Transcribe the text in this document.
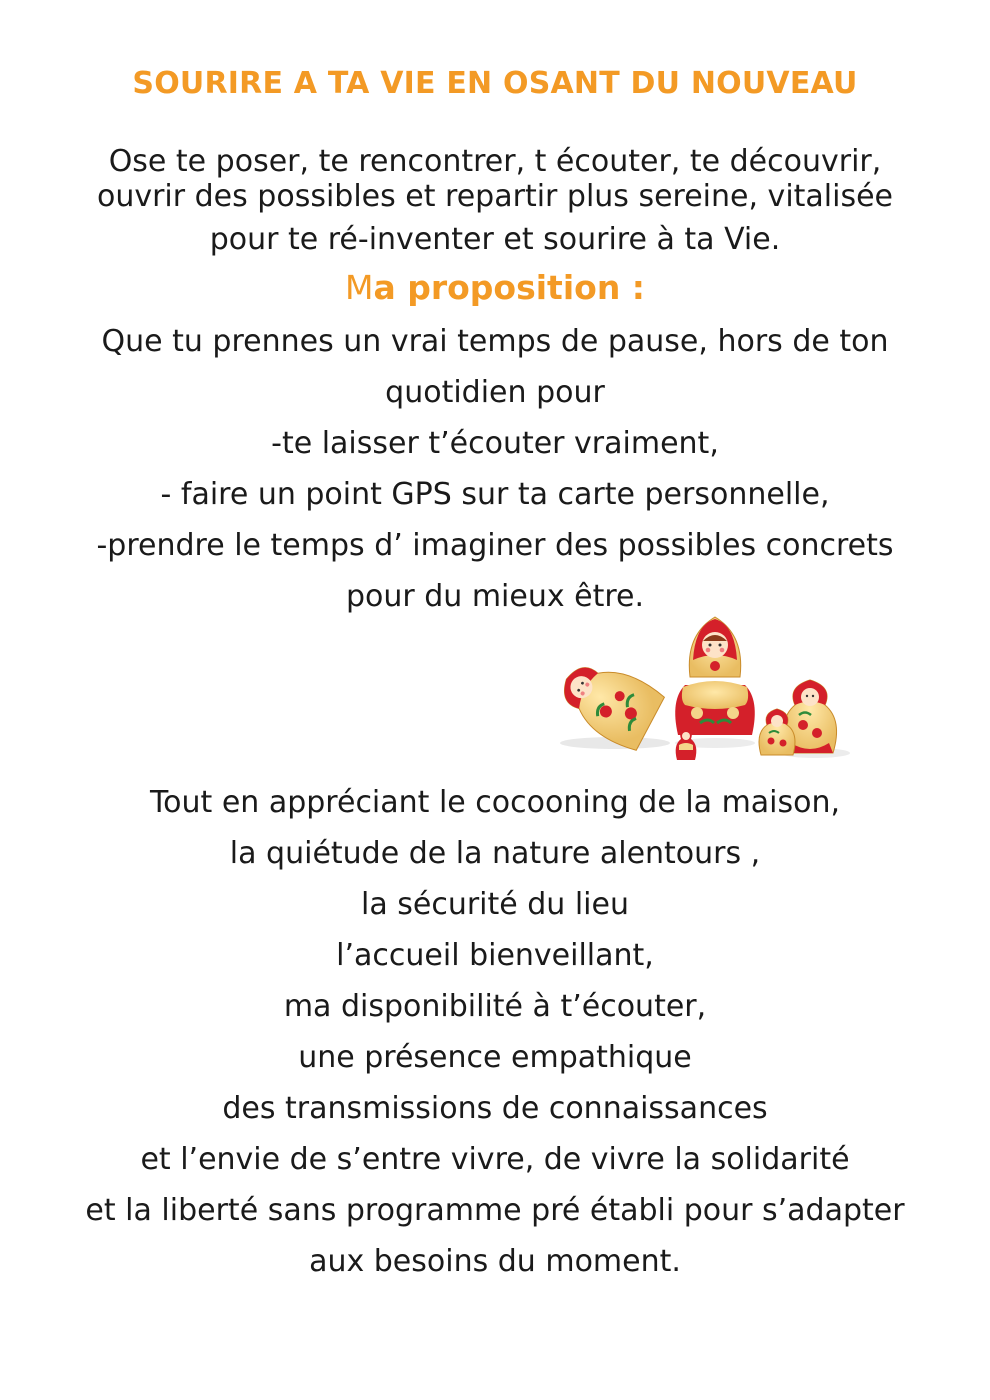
SOURIRE A TA VIE EN OSANT DU NOUVEAU
Ose te poser, te rencontrer, t écouter, te découvrir,
ouvrir des possibles et repartir plus sereine, vitalisée
pour te ré-inventer et sourire à ta Vie.
Ma proposition :
Que tu prennes un vrai temps de pause, hors de ton
quotidien pour
-te laisser t’écouter vraiment,
- faire un point GPS sur ta carte personnelle,
-prendre le temps d’ imaginer des possibles concrets
pour du mieux être.
Tout en appréciant le cocooning de la maison,
la quiétude de la nature alentours ,
la sécurité du lieu
l’accueil bienveillant,
ma disponibilité à t’écouter,
une présence empathique
des transmissions de connaissances
et l’envie de s’entre vivre, de vivre la solidarité
et la liberté sans programme pré établi pour s’adapter
aux besoins du moment.
